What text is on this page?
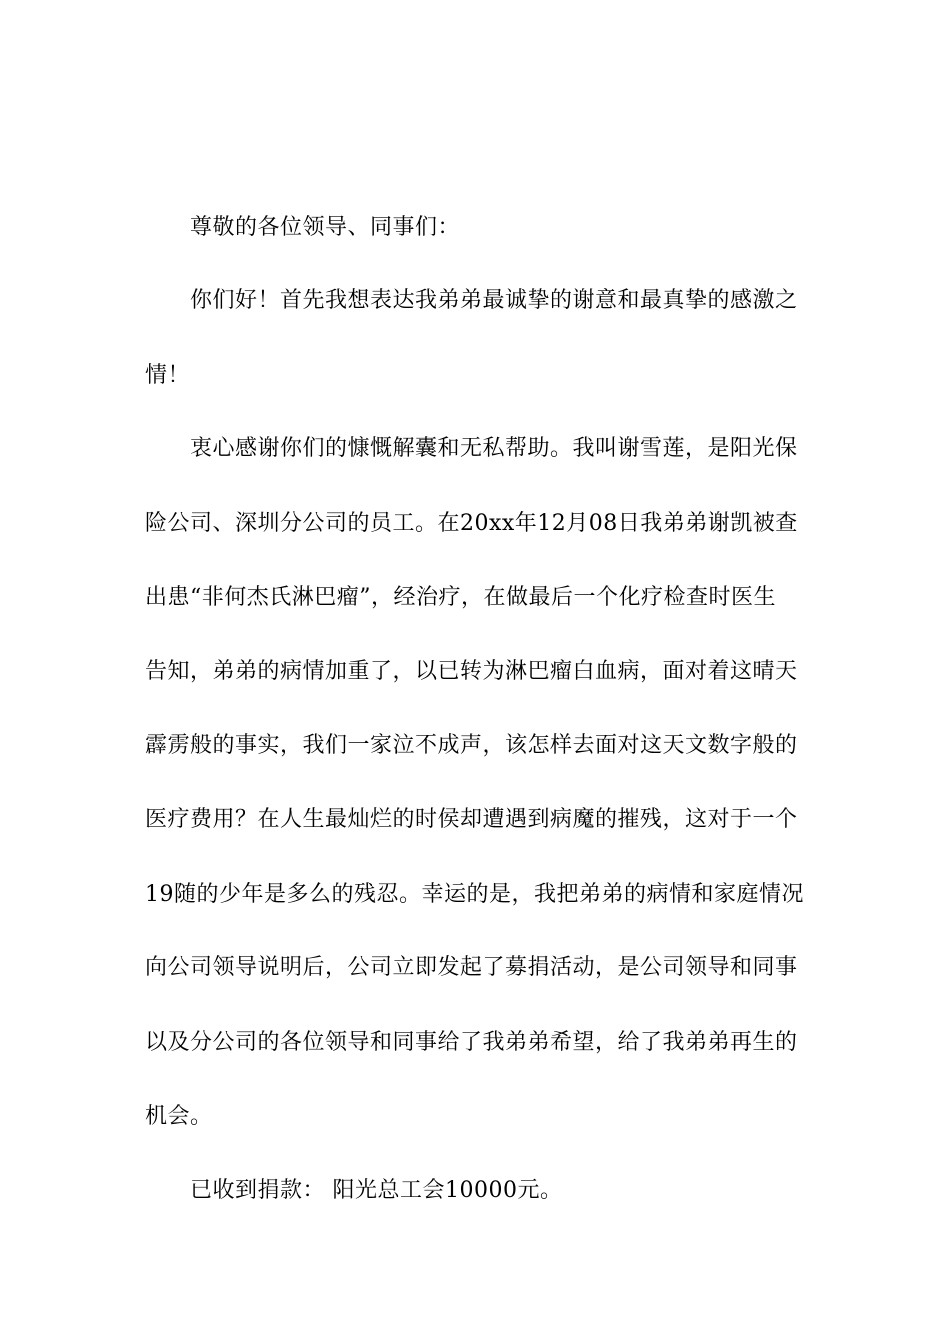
尊敬的各位领导、同事们：
你们好！首先我想表达我弟弟最诚挚的谢意和最真挚的感激之
情！
衷心感谢你们的慷慨解囊和无私帮助。我叫谢雪莲，是阳光保
险公司、深圳分公司的员工。在20xx年12月08日我弟弟谢凯被查
出患“非何杰氏淋巴瘤”，经治疗，在做最后一个化疗检查时医生
告知，弟弟的病情加重了，以已转为淋巴瘤白血病，面对着这晴天
霹雳般的事实，我们一家泣不成声，该怎样去面对这天文数字般的
医疗费用？在人生最灿烂的时侯却遭遇到病魔的摧残，这对于一个
19随的少年是多么的残忍。幸运的是，我把弟弟的病情和家庭情况
向公司领导说明后，公司立即发起了募捐活动，是公司领导和同事
以及分公司的各位领导和同事给了我弟弟希望，给了我弟弟再生的
机会。
已收到捐款： 阳光总工会10000元。
